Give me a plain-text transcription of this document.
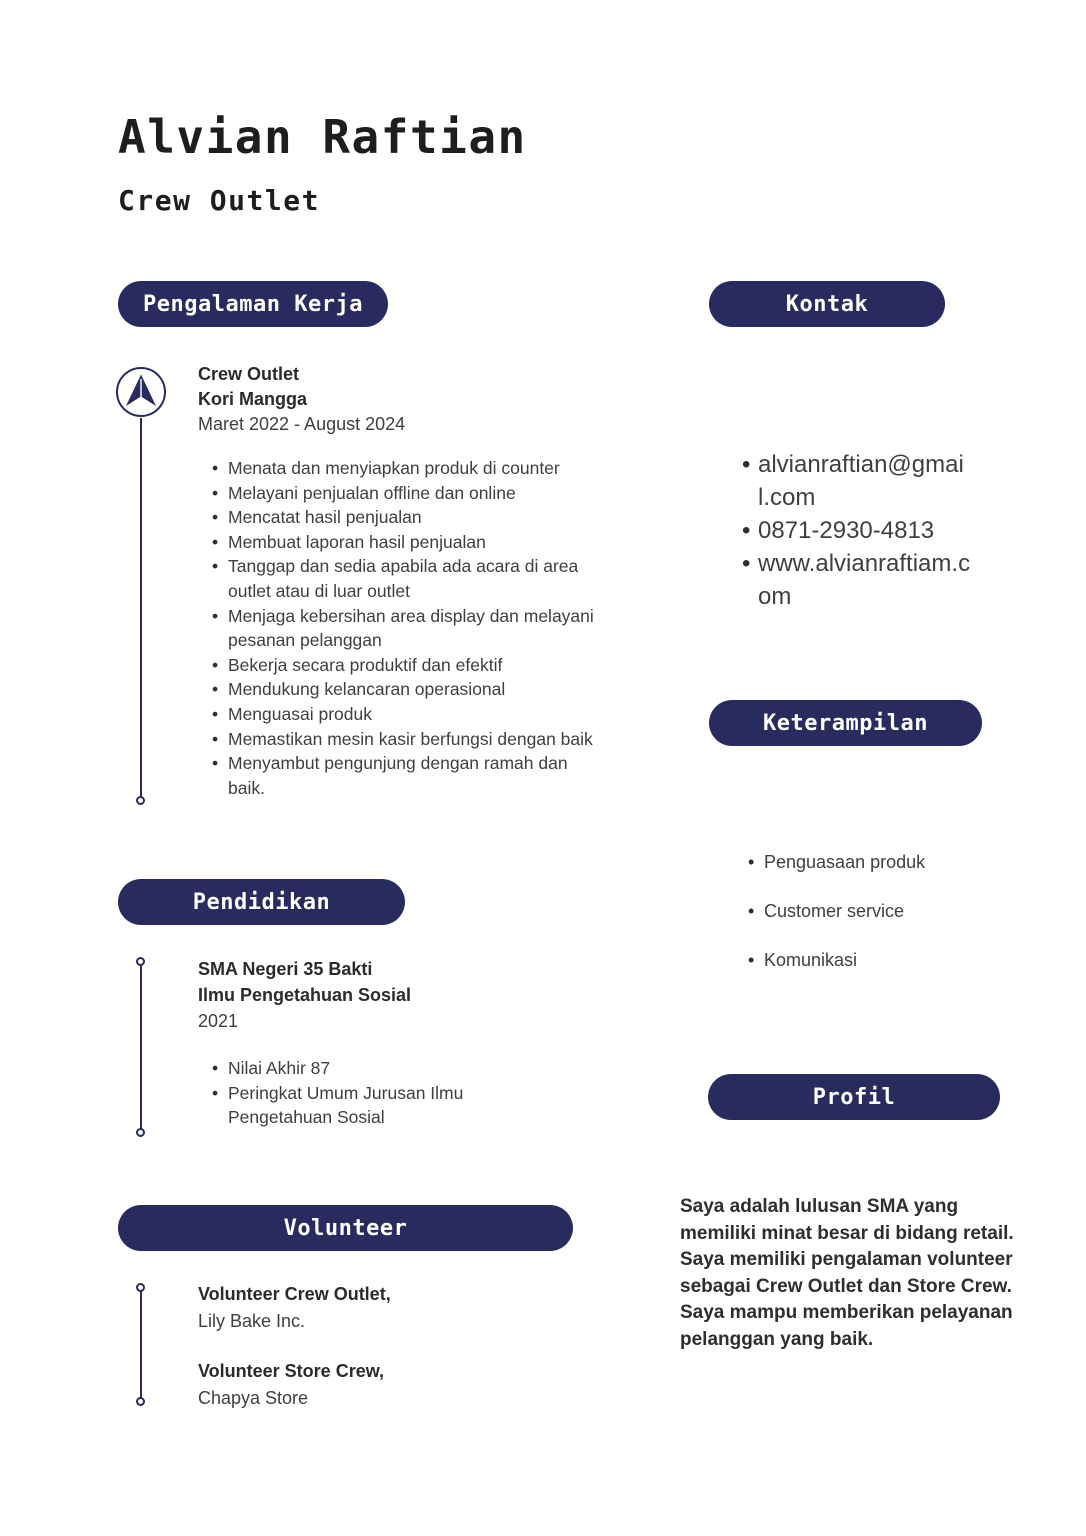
Alvian Raftian
Crew Outlet
Pengalaman Kerja	Kontak
Keterampilan
Pendidikan
Profil
Volunteer
Crew Outlet
Kori Mangga
Maret 2022 - August 2024
• Menata dan menyiapkan produk di counter
• Melayani penjualan offline dan online
• Mencatat hasil penjualan
• Membuat laporan hasil penjualan
• Tanggap dan sedia apabila ada acara di area outlet atau di luar outlet
• Menjaga kebersihan area display dan melayani pesanan pelanggan
• Bekerja secara produktif dan efektif
• Mendukung kelancaran operasional
• Menguasai produk
• Memastikan mesin kasir berfungsi dengan baik
• Menyambut pengunjung dengan ramah dan baik.
• alvianraftian@gmail.com
• 0871-2930-4813
• www.alvianraftiam.com
• Penguasaan produk
• Customer service
• Komunikasi
SMA Negeri 35 Bakti
Ilmu Pengetahuan Sosial
2021
• Nilai Akhir 87
• Peringkat Umum Jurusan Ilmu Pengetahuan Sosial
Volunteer Crew Outlet,
Lily Bake Inc.
Volunteer Store Crew,
Chapya Store
Saya adalah lulusan SMA yang memiliki minat besar di bidang retail. Saya memiliki pengalaman volunteer sebagai Crew Outlet dan Store Crew. Saya mampu memberikan pelayanan pelanggan yang baik.
